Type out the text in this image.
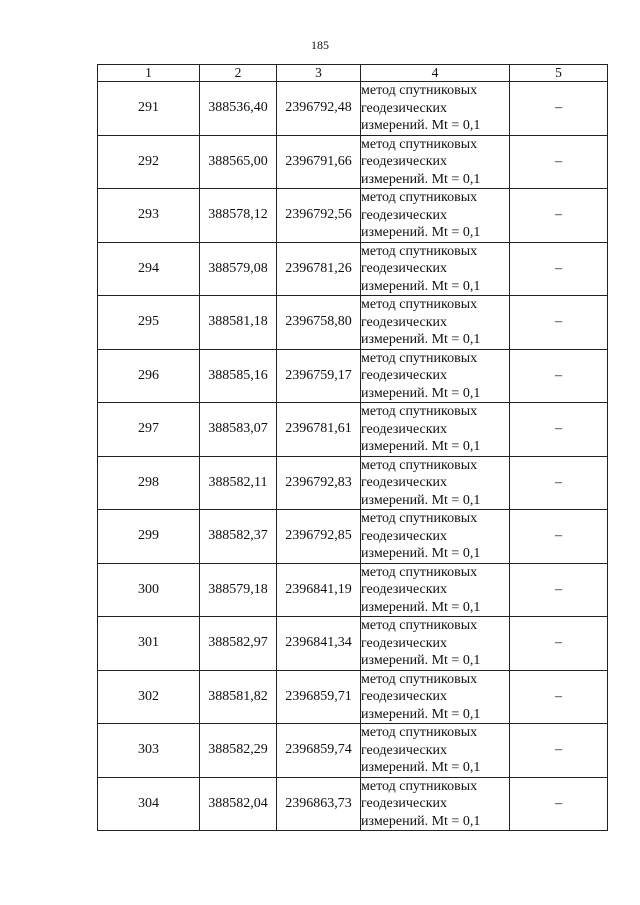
185
1	2	3	4	5
291	388536,40	2396792,48	метод спутниковых
геодезических
измерений. Mt = 0,1	–
292	388565,00	2396791,66	метод спутниковых
геодезических
измерений. Mt = 0,1	–
293	388578,12	2396792,56	метод спутниковых
геодезических
измерений. Mt = 0,1	–
294	388579,08	2396781,26	метод спутниковых
геодезических
измерений. Mt = 0,1	–
295	388581,18	2396758,80	метод спутниковых
геодезических
измерений. Mt = 0,1	–
296	388585,16	2396759,17	метод спутниковых
геодезических
измерений. Mt = 0,1	–
297	388583,07	2396781,61	метод спутниковых
геодезических
измерений. Mt = 0,1	–
298	388582,11	2396792,83	метод спутниковых
геодезических
измерений. Mt = 0,1	–
299	388582,37	2396792,85	метод спутниковых
геодезических
измерений. Mt = 0,1	–
300	388579,18	2396841,19	метод спутниковых
геодезических
измерений. Mt = 0,1	–
301	388582,97	2396841,34	метод спутниковых
геодезических
измерений. Mt = 0,1	–
302	388581,82	2396859,71	метод спутниковых
геодезических
измерений. Mt = 0,1	–
303	388582,29	2396859,74	метод спутниковых
геодезических
измерений. Mt = 0,1	–
304	388582,04	2396863,73	метод спутниковых
геодезических
измерений. Mt = 0,1	–
